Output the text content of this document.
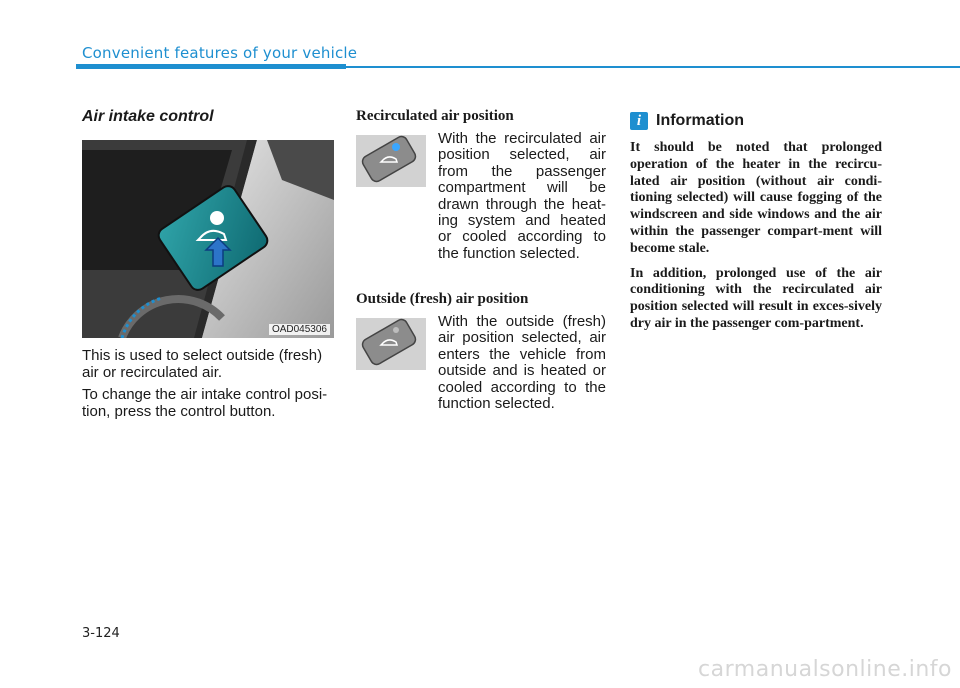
Convenient features of your vehicle
Air intake control
OAD045306

This is used to select outside (fresh) air or recirculated air.

To change the air intake control posi-tion, press the control button.

Recirculated air position
With the recirculated air position selected, air from the passenger compartment will be drawn through the heat-ing system and heated or cooled according to the function selected.
Outside (fresh) air position
With the outside (fresh) air position selected, air enters the vehicle from outside and is heated or cooled according to the function selected.
i Information

It should be noted that prolonged operation of the heater in the recircu-lated air position (without air condi-tioning selected) will cause fogging of the windscreen and side windows and the air within the passenger compart-ment will become stale.

In addition, prolonged use of the air conditioning with the recirculated air position selected will result in exces-sively dry air in the passenger com-partment.

3-124
carmanualsonline.info
